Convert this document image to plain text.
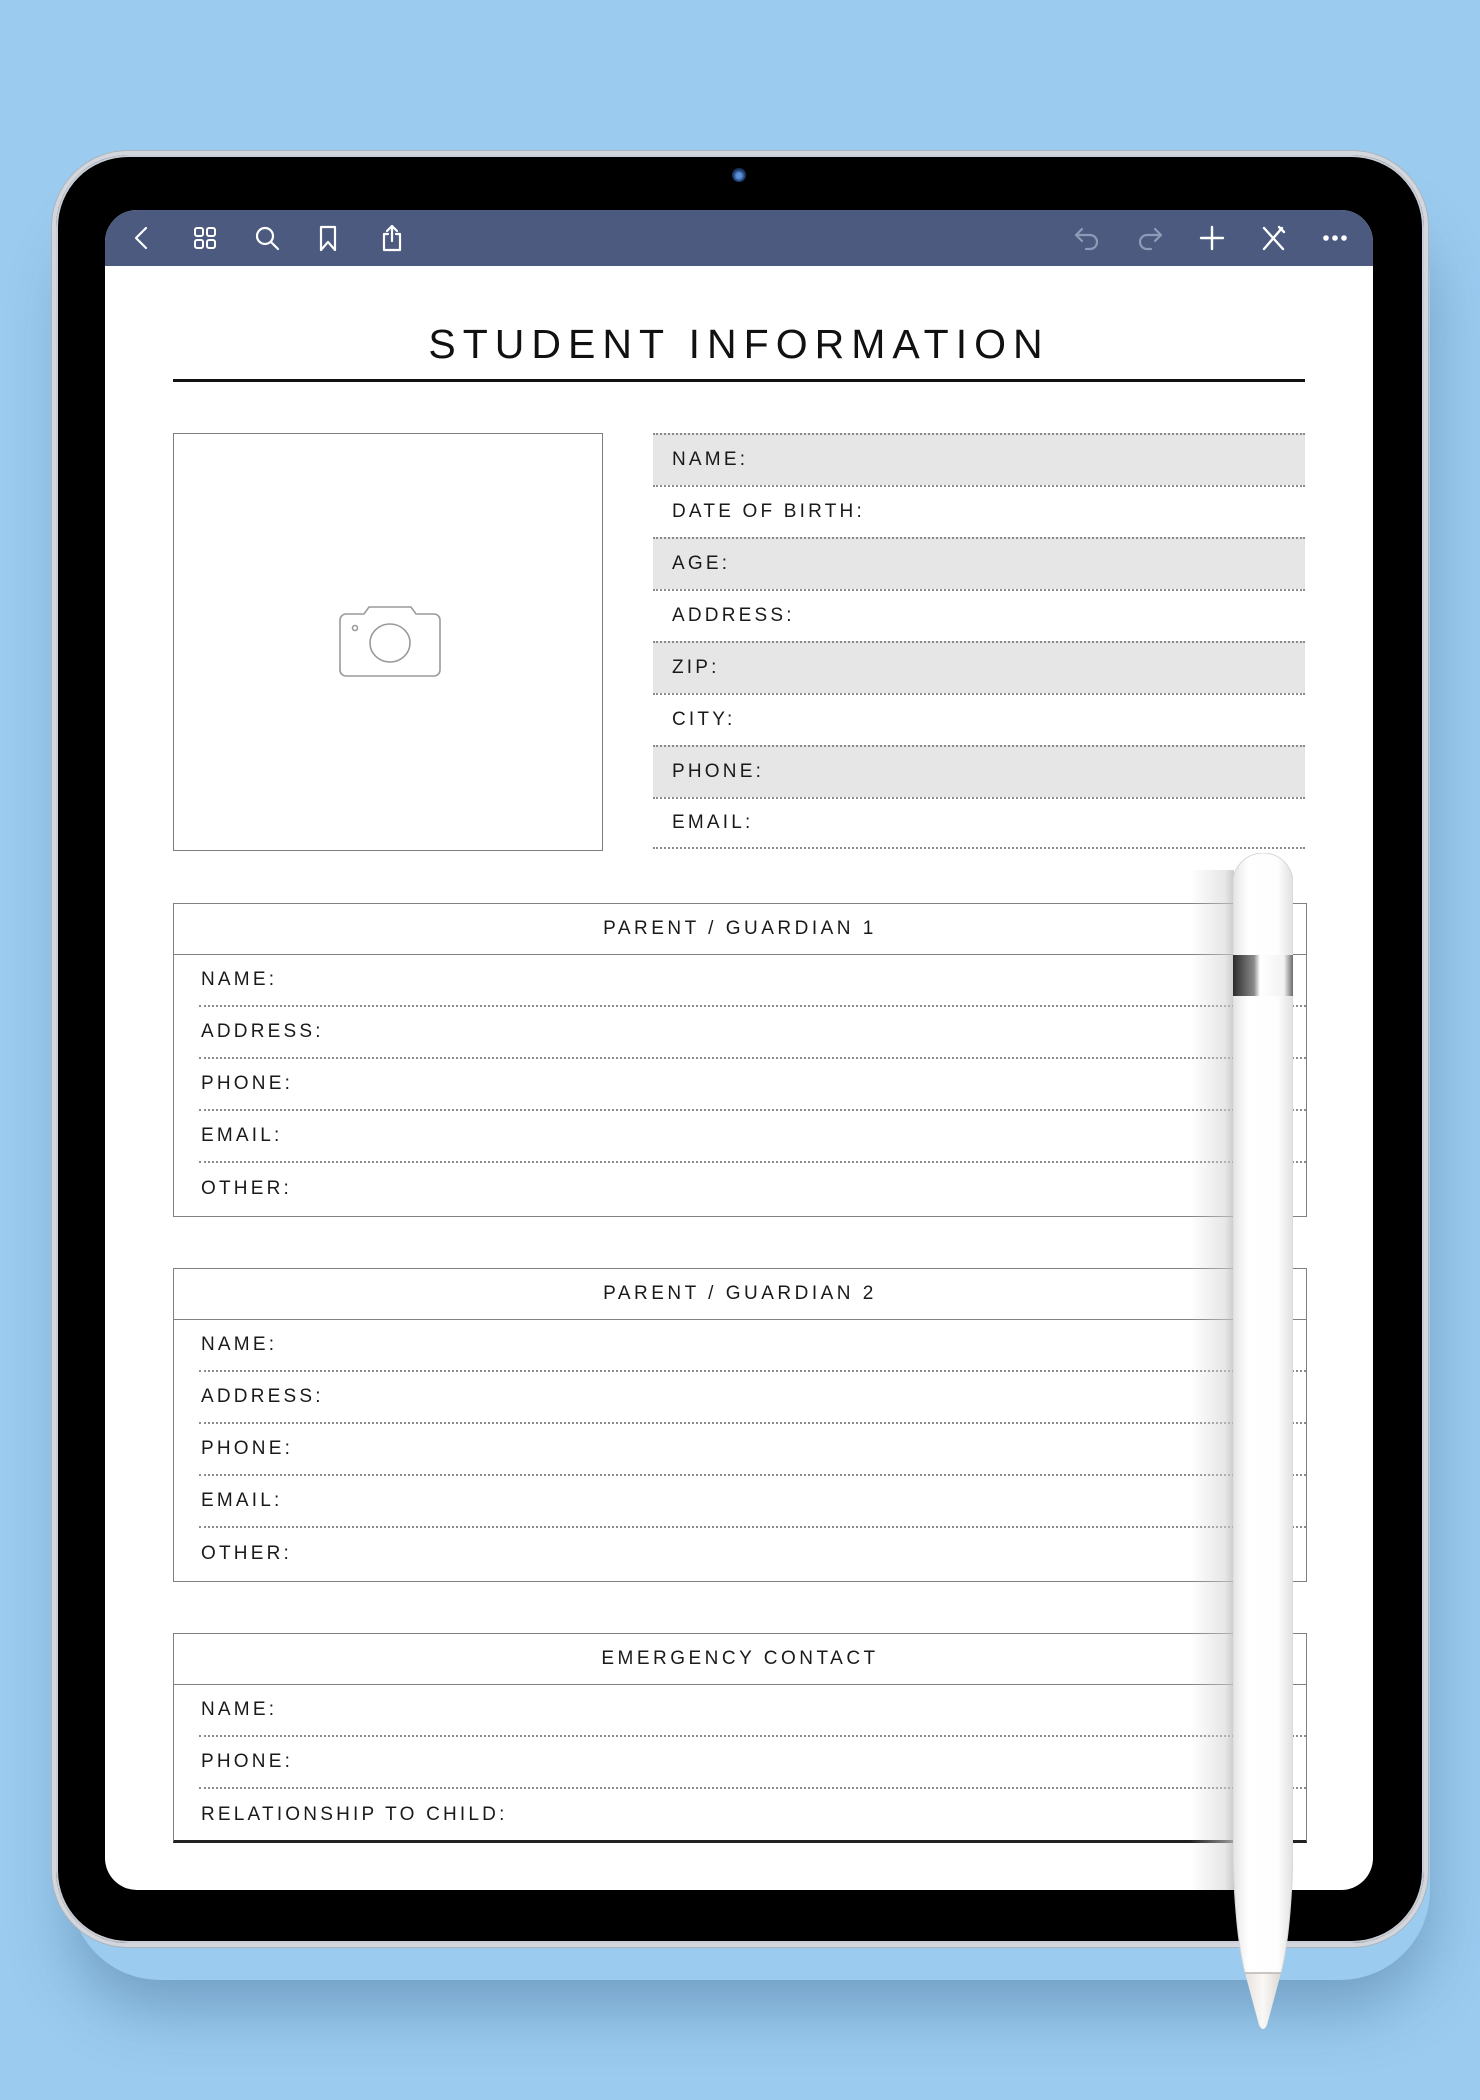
STUDENT INFORMATION
NAME:
DATE OF BIRTH:
AGE:
ADDRESS:
ZIP:
CITY:
PHONE:
EMAIL:
PARENT / GUARDIAN 1
NAME:
ADDRESS:
PHONE:
EMAIL:
OTHER:
PARENT / GUARDIAN 2
NAME:
ADDRESS:
PHONE:
EMAIL:
OTHER:
EMERGENCY CONTACT
NAME:
PHONE:
RELATIONSHIP TO CHILD:
